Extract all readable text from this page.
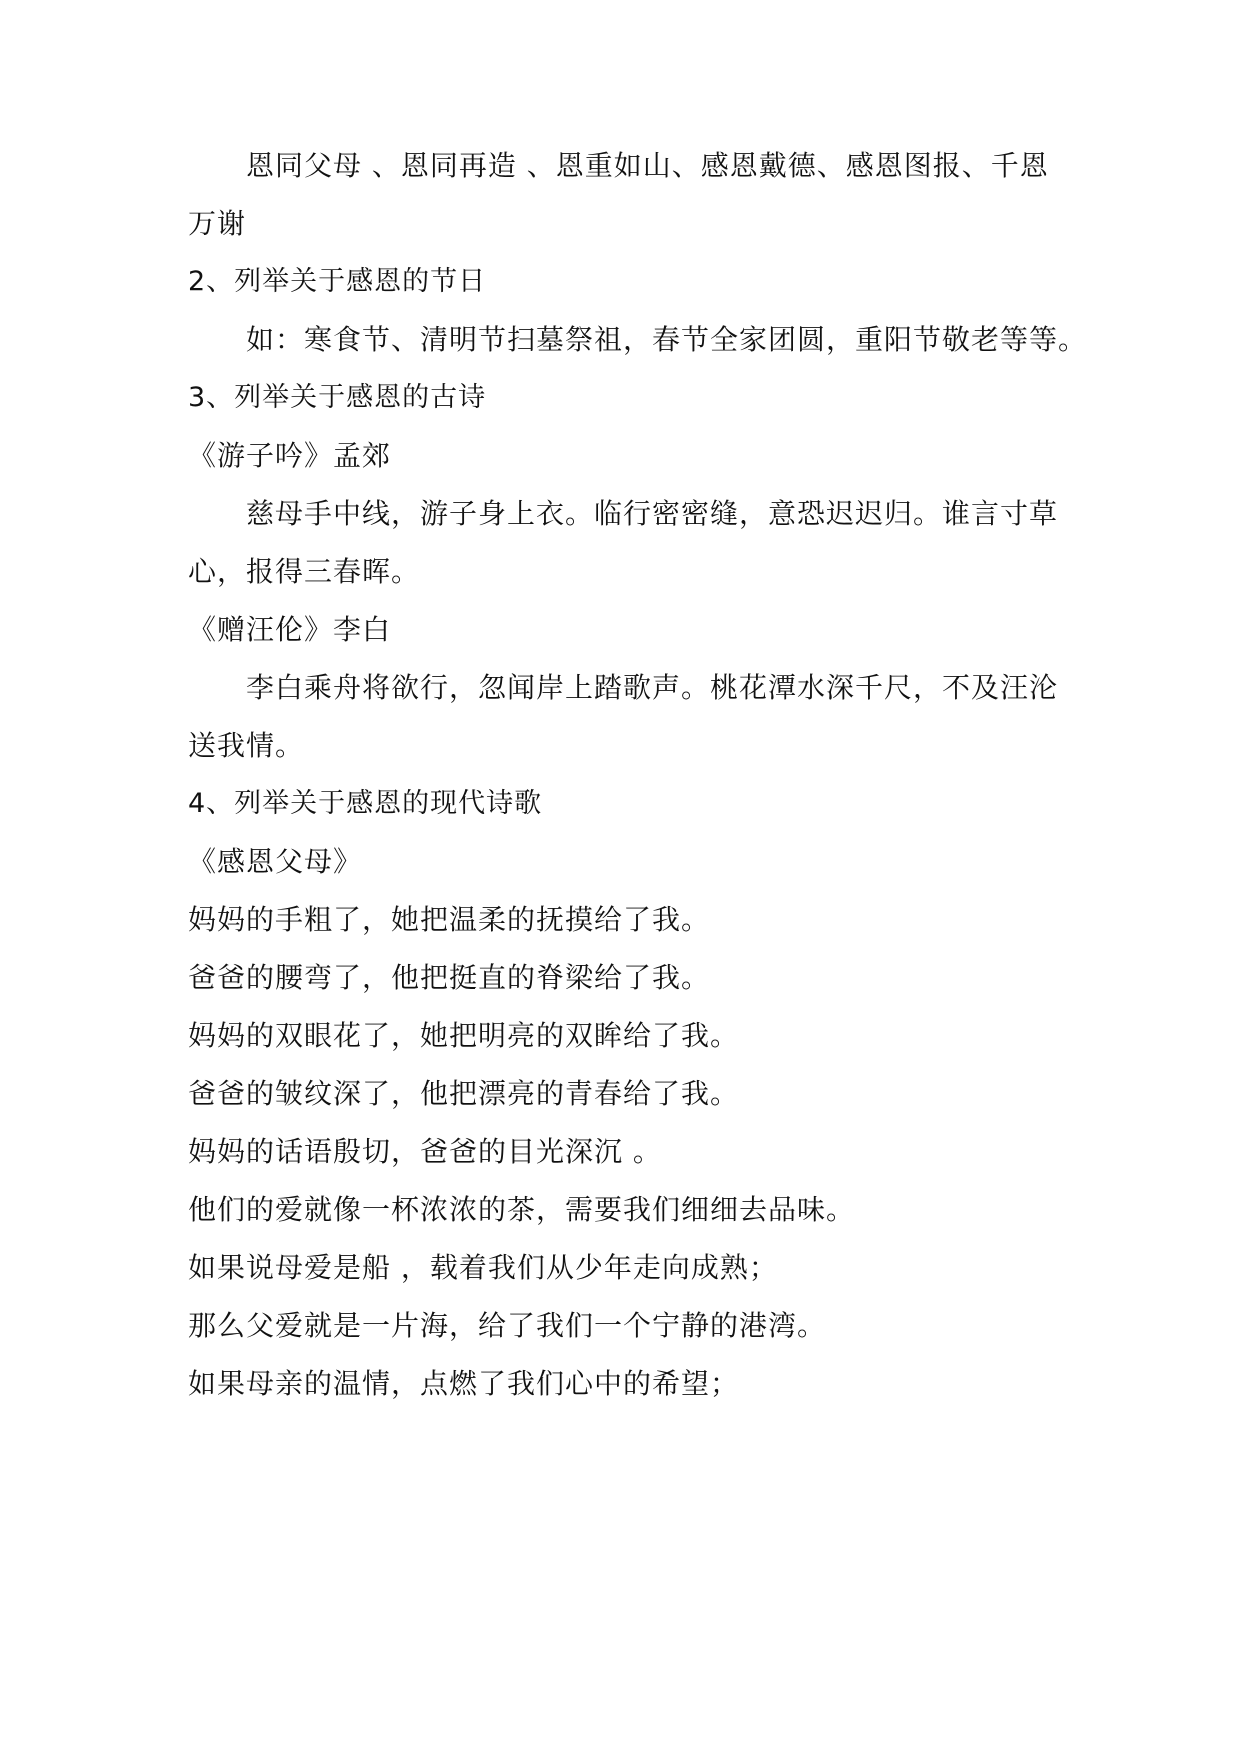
恩同父母 、恩同再造 、恩重如山、感恩戴德、感恩图报、千恩
万谢
2、列举关于感恩的节日
如：寒食节、清明节扫墓祭祖，春节全家团圆，重阳节敬老等等。
3、列举关于感恩的古诗
《游子吟》孟郊
慈母手中线，游子身上衣。临行密密缝，意恐迟迟归。谁言寸草
心，报得三春晖。
《赠汪伦》李白
李白乘舟将欲行，忽闻岸上踏歌声。桃花潭水深千尺，不及汪沦
送我情。
4、列举关于感恩的现代诗歌
《感恩父母》
妈妈的手粗了，她把温柔的抚摸给了我。
爸爸的腰弯了，他把挺直的脊梁给了我。
妈妈的双眼花了，她把明亮的双眸给了我。
爸爸的皱纹深了，他把漂亮的青春给了我。
妈妈的话语殷切，爸爸的目光深沉 。
他们的爱就像一杯浓浓的茶，需要我们细细去品味。
如果说母爱是船 ，载着我们从少年走向成熟；
那么父爱就是一片海，给了我们一个宁静的港湾。
如果母亲的温情，点燃了我们心中的希望；
